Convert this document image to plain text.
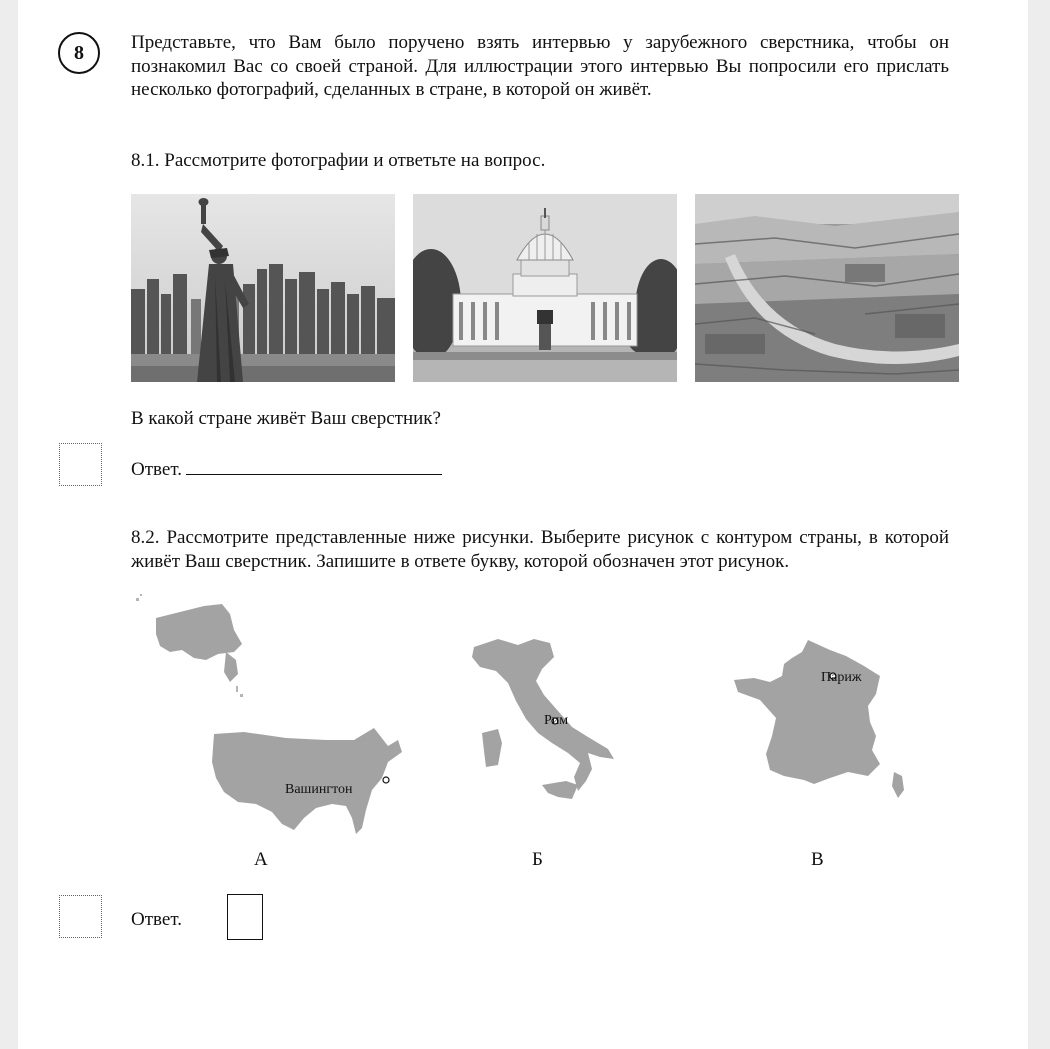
8 Представьте, что Вам было поручено взять интервью у зарубежного сверстника, чтобы он познакомил Вас со своей страной. Для иллюстрации этого интервью Вы попросили его прислать несколько фотографий, сделанных в стране, в которой он живёт.
8.1. Рассмотрите фотографии и ответьте на вопрос.
В какой стране живёт Ваш сверстник?
Ответ.
8.2. Рассмотрите представленные ниже рисунки. Выберите рисунок с контуром страны, в которой живёт Ваш сверстник. Запишите в ответе букву, которой обозначен этот рисунок.
Вашингтон
А
Рим
Б
Париж
В
Ответ.
